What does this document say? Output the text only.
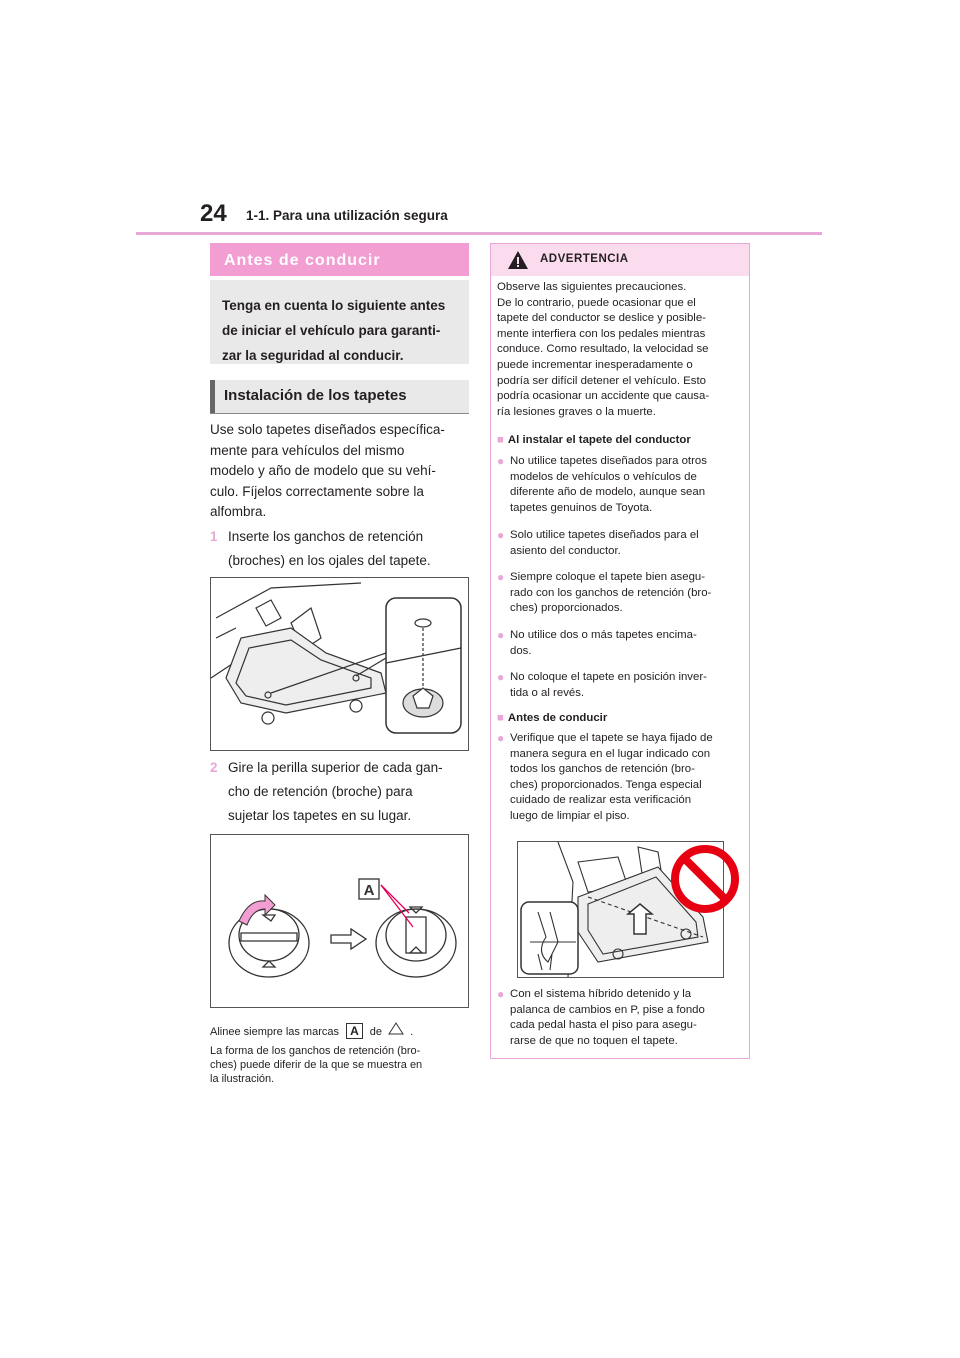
24 1-1. Para una utilización segura
Antes de conducir

Tenga en cuenta lo siguiente antes
de iniciar el vehículo para garanti-
zar la seguridad al conducir.

Instalación de los tapetes
Use solo tapetes diseñados específica-
mente para vehículos del mismo
modelo y año de modelo que su vehí-
culo. Fíjelos correctamente sobre la
alfombra.
1 Inserte los ganchos de retención
(broches) en los ojales del tapete.
2 Gire la perilla superior de cada gan-
cho de retención (broche) para
sujetar los tapetes en su lugar.
A
Alinee siempre las marcas A de	.
La forma de los ganchos de retención (bro-
ches) puede diferir de la que se muestra en
la ilustración.
ADVERTENCIA
Observe las siguientes precauciones.
De lo contrario, puede ocasionar que el
tapete del conductor se deslice y posible-
mente interfiera con los pedales mientras
conduce. Como resultado, la velocidad se
puede incrementar inesperadamente o
podría ser difícil detener el vehículo. Esto
podría ocasionar un accidente que causa-
ría lesiones graves o la muerte.
■ Al instalar el tapete del conductor
● No utilice tapetes diseñados para otros
modelos de vehículos o vehículos de
diferente año de modelo, aunque sean
tapetes genuinos de Toyota.
● Solo utilice tapetes diseñados para el
asiento del conductor.
● Siempre coloque el tapete bien asegu-
rado con los ganchos de retención (bro-
ches) proporcionados.
● No utilice dos o más tapetes encima-
dos.
● No coloque el tapete en posición inver-
tida o al revés.
■ Antes de conducir
● Verifique que el tapete se haya fijado de
manera segura en el lugar indicado con
todos los ganchos de retención (bro-
ches) proporcionados. Tenga especial
cuidado de realizar esta verificación
luego de limpiar el piso.
● Con el sistema híbrido detenido y la
palanca de cambios en P, pise a fondo
cada pedal hasta el piso para asegu-
rarse de que no toquen el tapete.
